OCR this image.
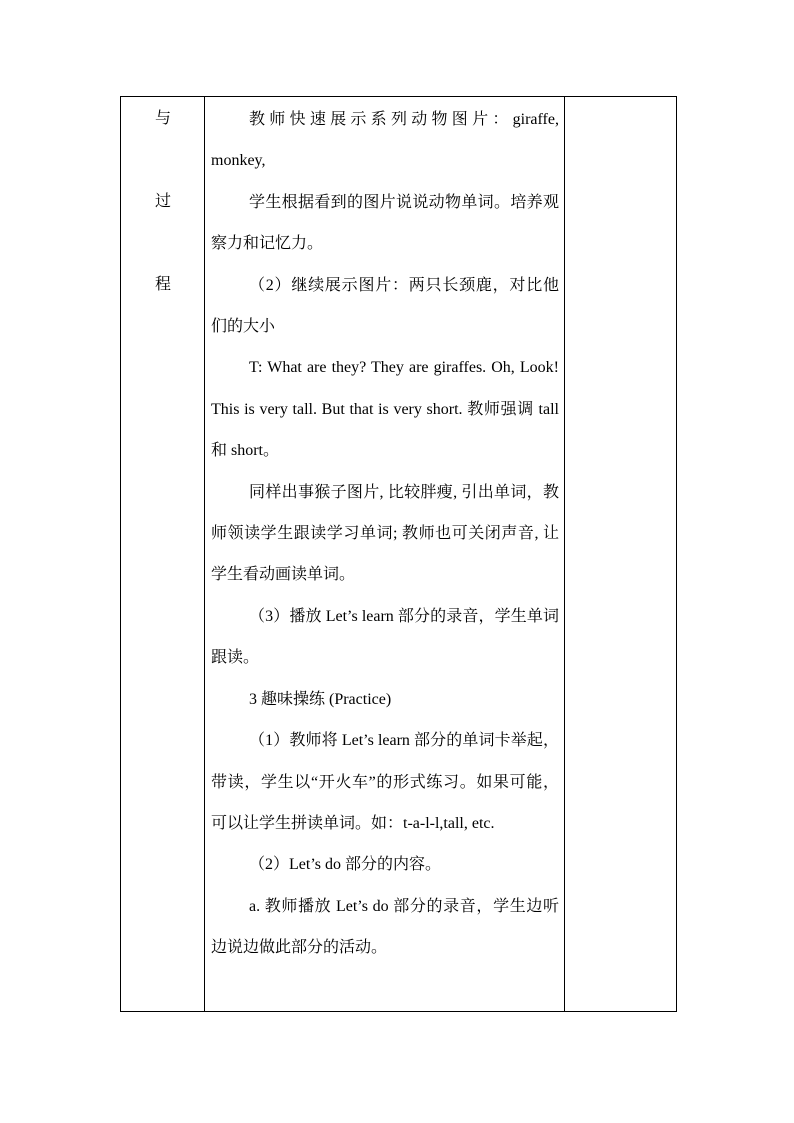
与
过
程

教师快速展示系列动物图片：giraffe, monkey,

学生根据看到的图片说说动物单词。培养观察力和记忆力。

（2）继续展示图片：两只长颈鹿，对比他们的大小

T: What are they? They are giraffes. Oh, Look! This is very tall. But that is very short. 教师强调 tall 和 short。

同样出事猴子图片, 比较胖瘦, 引出单词，教师领读学生跟读学习单词; 教师也可关闭声音, 让学生看动画读单词。

（3）播放 Let’s learn 部分的录音，学生单词跟读。

3 趣味操练 (Practice)

（1）教师将 Let’s learn 部分的单词卡举起，带读，学生以“开火车”的形式练习。如果可能，可以让学生拼读单词。如：t-a-l-l,tall, etc.

（2）Let’s do 部分的内容。

a. 教师播放 Let’s do 部分的录音，学生边听边说边做此部分的活动。
